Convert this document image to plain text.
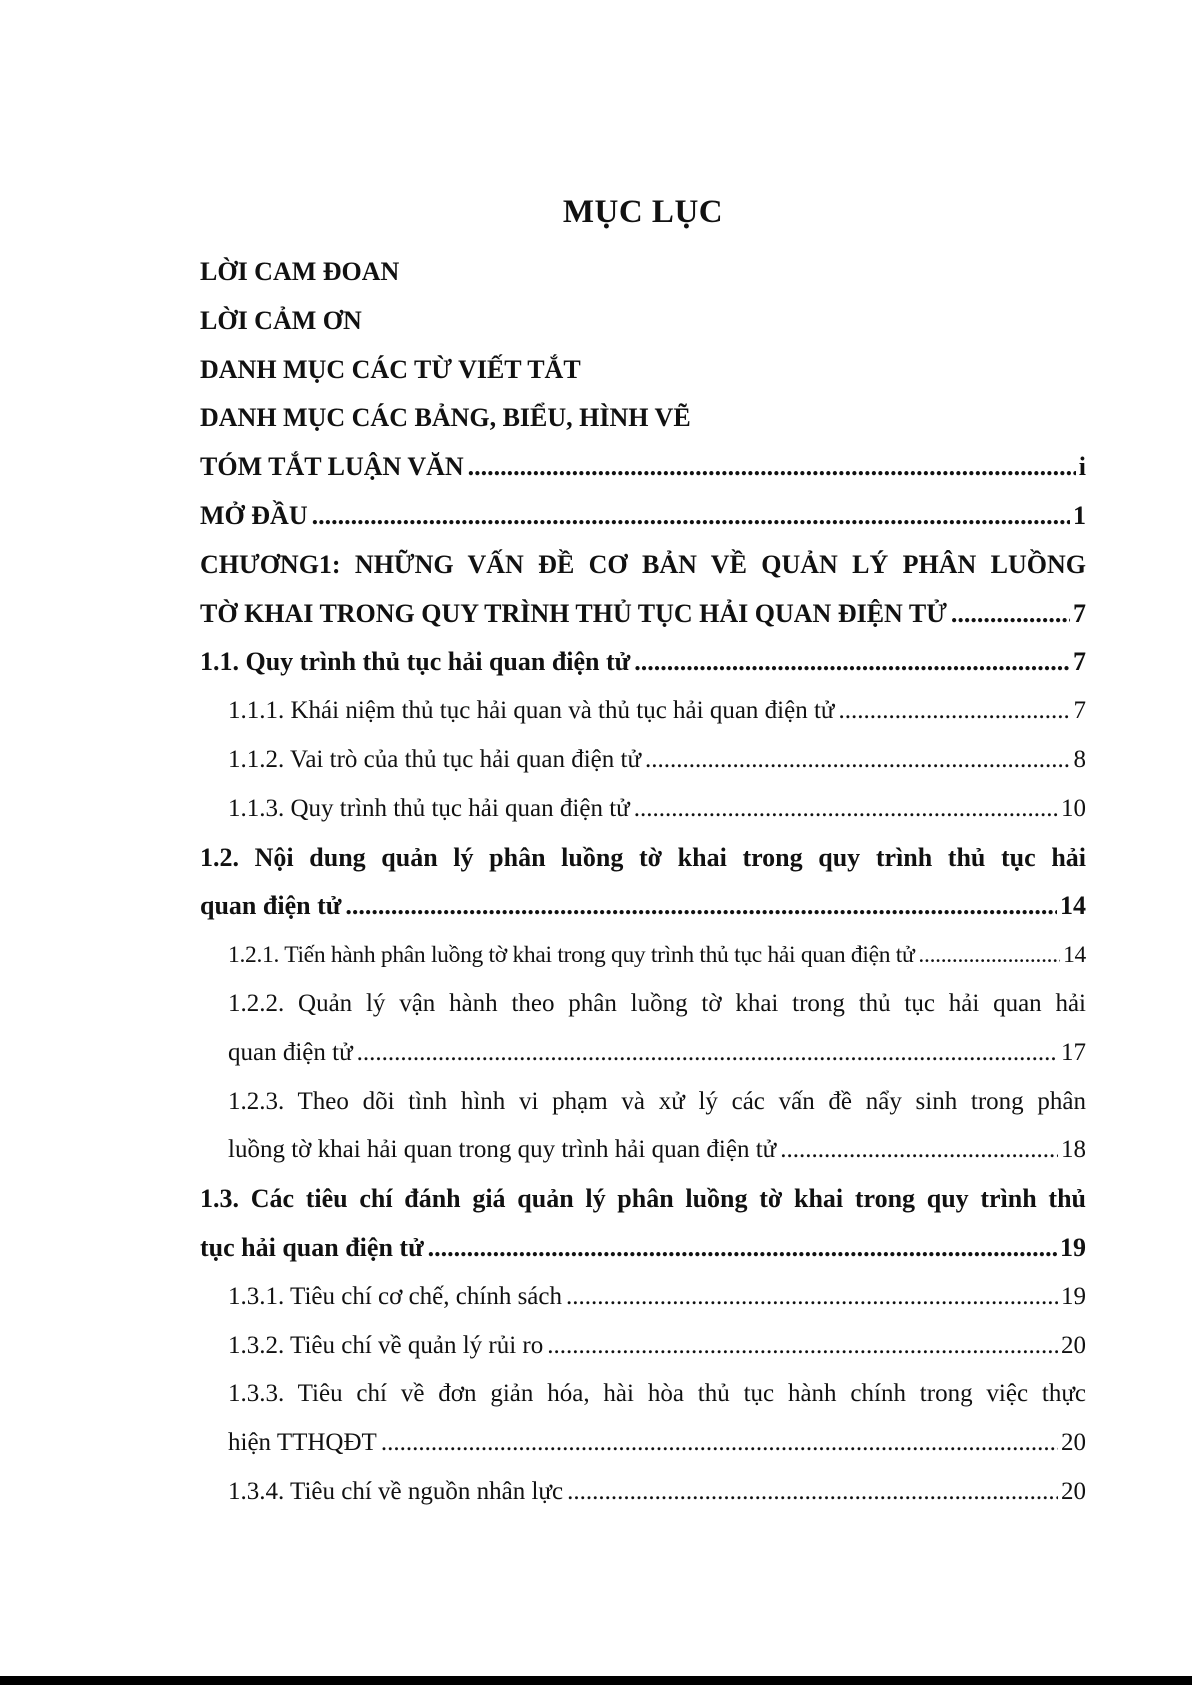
MỤC LỤC
LỜI CAM ĐOAN
LỜI CẢM ƠN
DANH MỤC CÁC TỪ VIẾT TẮT
DANH MỤC CÁC BẢNG, BIỂU, HÌNH VẼ
TÓM TẮT LUẬN VĂN .....	i
MỞ ĐẦU .....	1
CHƯƠNG1: NHỮNG VẤN ĐỀ CƠ BẢN VỀ QUẢN LÝ PHÂN LUỒNG
TỜ KHAI TRONG QUY TRÌNH THỦ TỤC HẢI QUAN ĐIỆN TỬ .....	7
1.1. Quy trình thủ tục hải quan điện tử .....	7
1.1.1. Khái niệm thủ tục hải quan và thủ tục hải quan điện tử .....	7
1.1.2. Vai trò của thủ tục hải quan điện tử .....	8
1.1.3. Quy trình thủ tục hải quan điện tử .....	10
1.2. Nội dung quản lý phân luồng tờ khai trong quy trình thủ tục hải
quan điện tử .....	14
1.2.1. Tiến hành phân luồng tờ khai trong quy trình thủ tục hải quan điện tử .....	14
1.2.2. Quản lý vận hành theo phân luồng tờ khai trong thủ tục hải quan hải
quan điện tử .....	17
1.2.3. Theo dõi tình hình vi phạm và xử lý các vấn đề nẩy sinh trong phân
luồng tờ khai hải quan trong quy trình hải quan điện tử .....	18
1.3. Các tiêu chí đánh giá quản lý phân luồng tờ khai trong quy trình thủ
tục hải quan điện tử .....	19
1.3.1. Tiêu chí cơ chế, chính sách .....	19
1.3.2. Tiêu chí về quản lý rủi ro .....	20
1.3.3. Tiêu chí về đơn giản hóa, hài hòa thủ tục hành chính trong việc thực
hiện TTHQĐT .....	20
1.3.4. Tiêu chí về nguồn nhân lực .....	20
